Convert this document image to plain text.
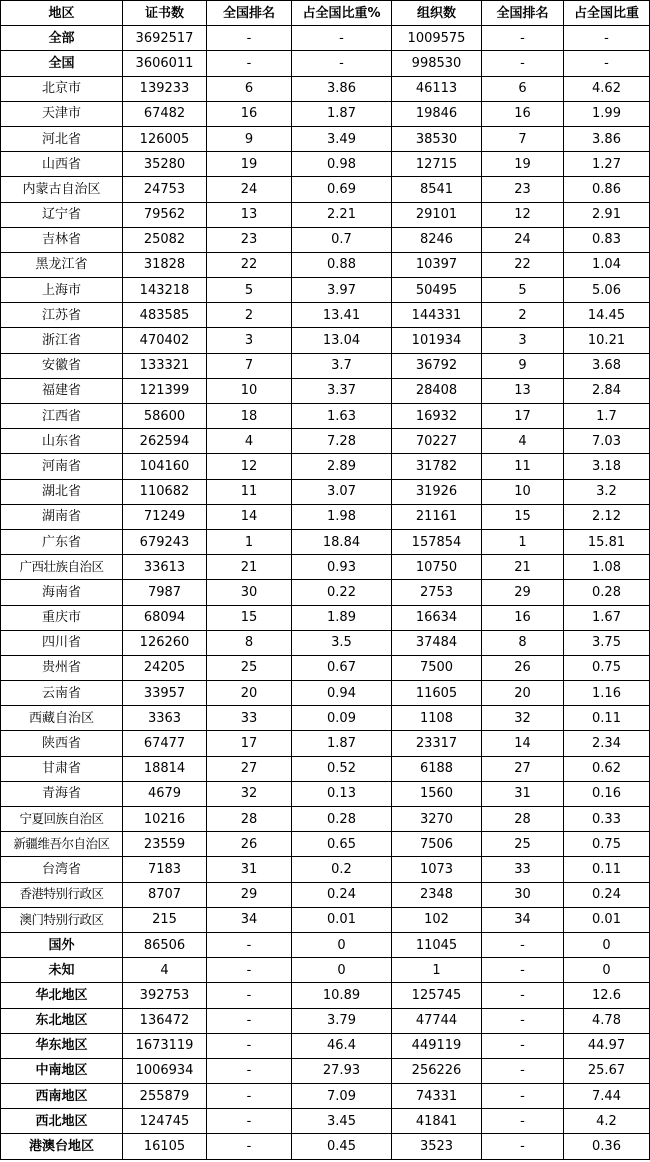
地区	证书数	全国排名	占全国比重%	组织数	全国排名	占全国比重
全部	3692517	-	-	1009575	-	-
全国	3606011	-	-	998530	-	-
北京市	139233	6	3.86	46113	6	4.62
天津市	67482	16	1.87	19846	16	1.99
河北省	126005	9	3.49	38530	7	3.86
山西省	35280	19	0.98	12715	19	1.27
内蒙古自治区	24753	24	0.69	8541	23	0.86
辽宁省	79562	13	2.21	29101	12	2.91
吉林省	25082	23	0.7	8246	24	0.83
黑龙江省	31828	22	0.88	10397	22	1.04
上海市	143218	5	3.97	50495	5	5.06
江苏省	483585	2	13.41	144331	2	14.45
浙江省	470402	3	13.04	101934	3	10.21
安徽省	133321	7	3.7	36792	9	3.68
福建省	121399	10	3.37	28408	13	2.84
江西省	58600	18	1.63	16932	17	1.7
山东省	262594	4	7.28	70227	4	7.03
河南省	104160	12	2.89	31782	11	3.18
湖北省	110682	11	3.07	31926	10	3.2
湖南省	71249	14	1.98	21161	15	2.12
广东省	679243	1	18.84	157854	1	15.81
广西壮族自治区	33613	21	0.93	10750	21	1.08
海南省	7987	30	0.22	2753	29	0.28
重庆市	68094	15	1.89	16634	16	1.67
四川省	126260	8	3.5	37484	8	3.75
贵州省	24205	25	0.67	7500	26	0.75
云南省	33957	20	0.94	11605	20	1.16
西藏自治区	3363	33	0.09	1108	32	0.11
陕西省	67477	17	1.87	23317	14	2.34
甘肃省	18814	27	0.52	6188	27	0.62
青海省	4679	32	0.13	1560	31	0.16
宁夏回族自治区	10216	28	0.28	3270	28	0.33
新疆维吾尔自治区	23559	26	0.65	7506	25	0.75
台湾省	7183	31	0.2	1073	33	0.11
香港特别行政区	8707	29	0.24	2348	30	0.24
澳门特别行政区	215	34	0.01	102	34	0.01
国外	86506	-	0	11045	-	0
未知	4	-	0	1	-	0
华北地区	392753	-	10.89	125745	-	12.6
东北地区	136472	-	3.79	47744	-	4.78
华东地区	1673119	-	46.4	449119	-	44.97
中南地区	1006934	-	27.93	256226	-	25.67
西南地区	255879	-	7.09	74331	-	7.44
西北地区	124745	-	3.45	41841	-	4.2
港澳台地区	16105	-	0.45	3523	-	0.36
